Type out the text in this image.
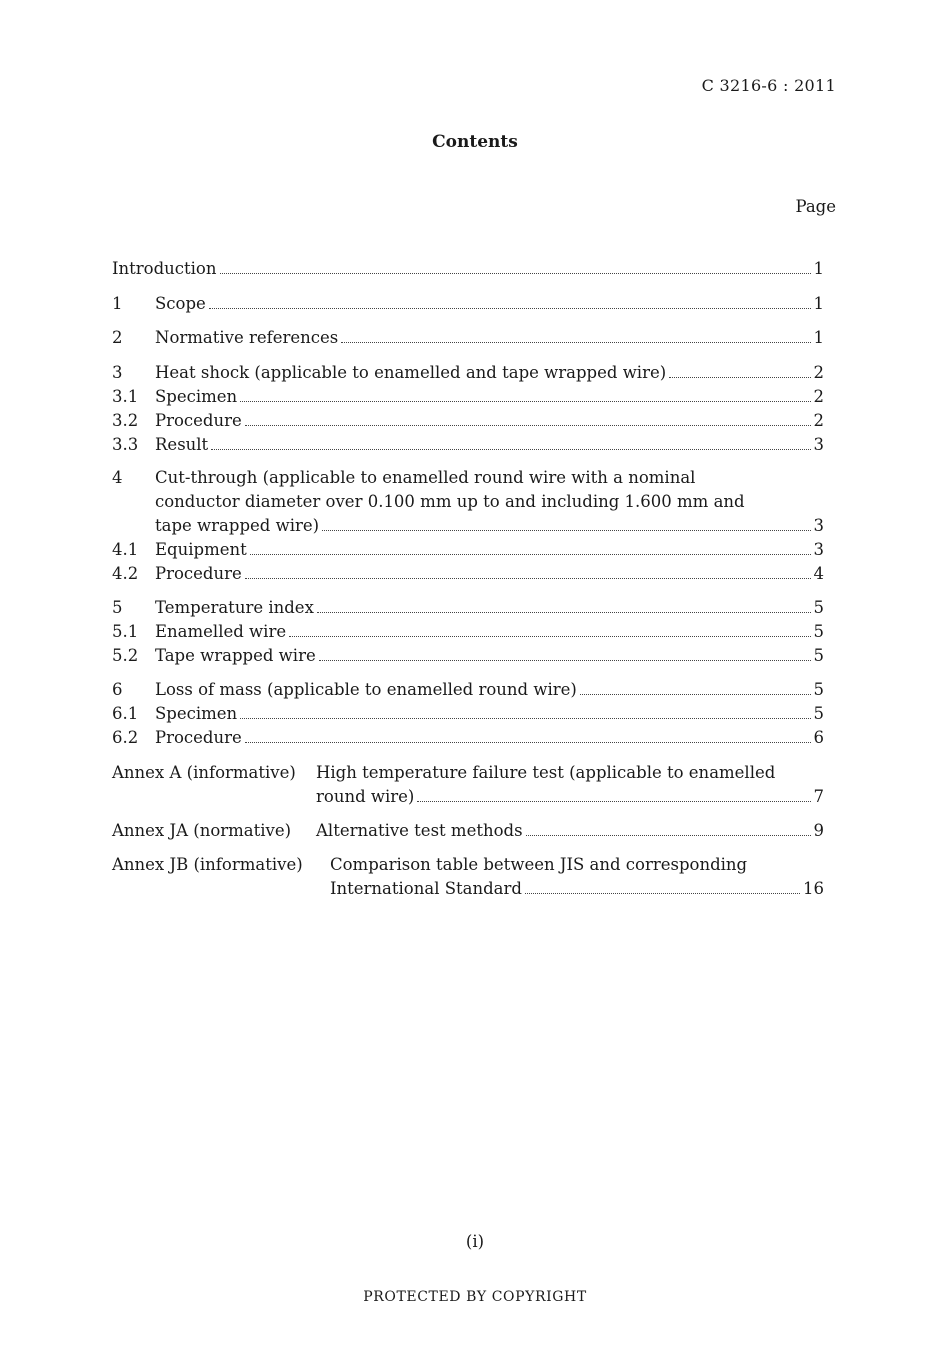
C 3216-6 : 2011
Contents
Page
Introduction	1
1	Scope	1
2	Normative references	1
3	Heat shock (applicable to enamelled and tape wrapped wire)	2
3.1	Specimen	2
3.2	Procedure	2
3.3	Result	3
4 Cut-through (applicable to enamelled round wire with a nominal
conductor diameter over 0.100 mm up to and including 1.600 mm and
tape wrapped wire)	3
4.1	Equipment	3
4.2	Procedure	4
5	Temperature index	5
5.1	Enamelled wire	5
5.2	Tape wrapped wire	5
6	Loss of mass (applicable to enamelled round wire)	5
6.1	Specimen	5
6.2	Procedure	6
Annex A (informative) High temperature failure test (applicable to enamelled
round wire)	7
Annex JA (normative) Alternative test methods	9
Annex JB (informative) Comparison table between JIS and corresponding
International Standard	16
(i)
PROTECTED BY COPYRIGHT
